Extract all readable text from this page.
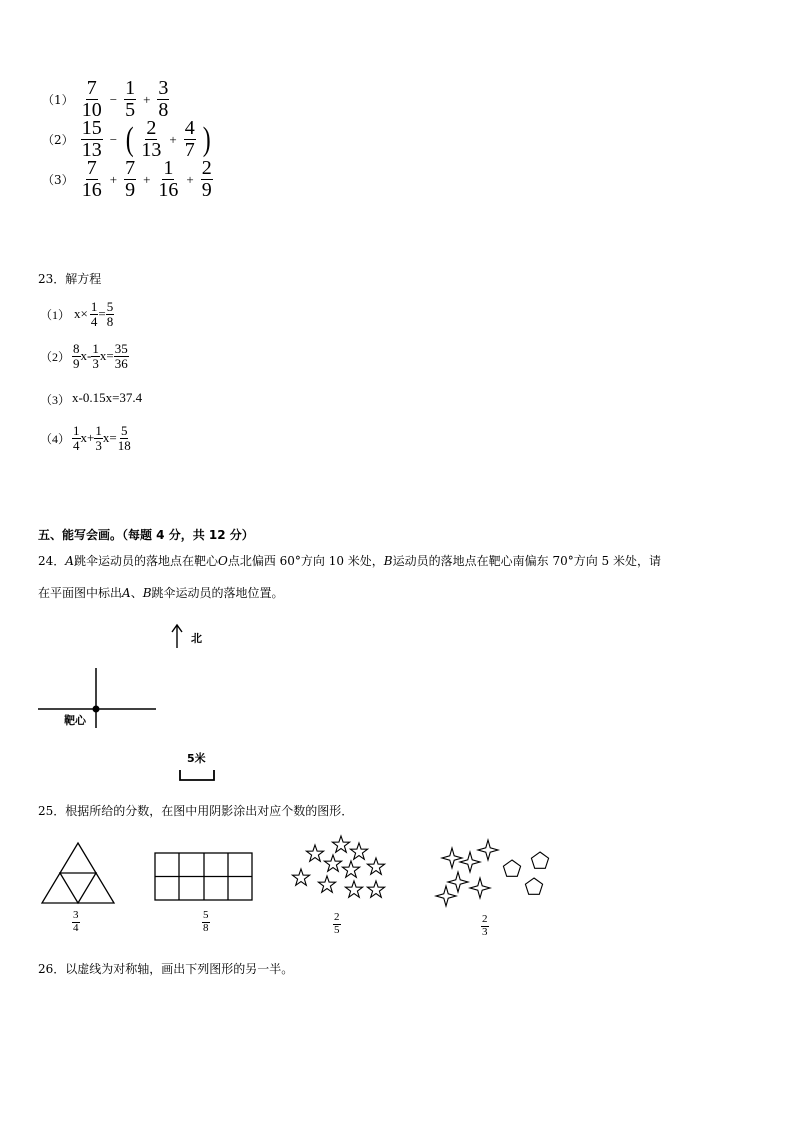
$(1) \frac{7}{10} - \frac{1}{5} + \frac{3}{8}$
$(2) \frac{15}{13}$ − ( $\frac{2}{13} + \frac{4}{7}$ )
$(3) \frac{7}{16} + \frac{7}{9} + \frac{1}{16} + \frac{2}{9}$
23．解方程
（1） $x\times \frac{1}{4} = \frac{5}{8}$
$(2) \frac{8}{9} x- \frac{1}{3} x= \frac{35}{36}$
（3） x-0.15x=37.4
$(4) \frac{1}{4} x+ \frac{1}{3} x= \frac{5}{18}$
五、能写会画。（每题 4 分，共 12 分）
24．A跳伞运动员的落地点在靶心O点北偏西 60°方向 10 米处，B运动员的落地点在靶心南偏东 70°方向 5 米处，请
在平面图中标出A、B跳伞运动员的落地位置。
北
靶心
5米
25．根据所给的分数，在图中用阴影涂出对应个数的图形．
$\frac{3}{4}$	$\frac{5}{8}$	$\frac{2}{5}$	$\frac{2}{3}$
26．以虚线为对称轴，画出下列图形的另一半。
